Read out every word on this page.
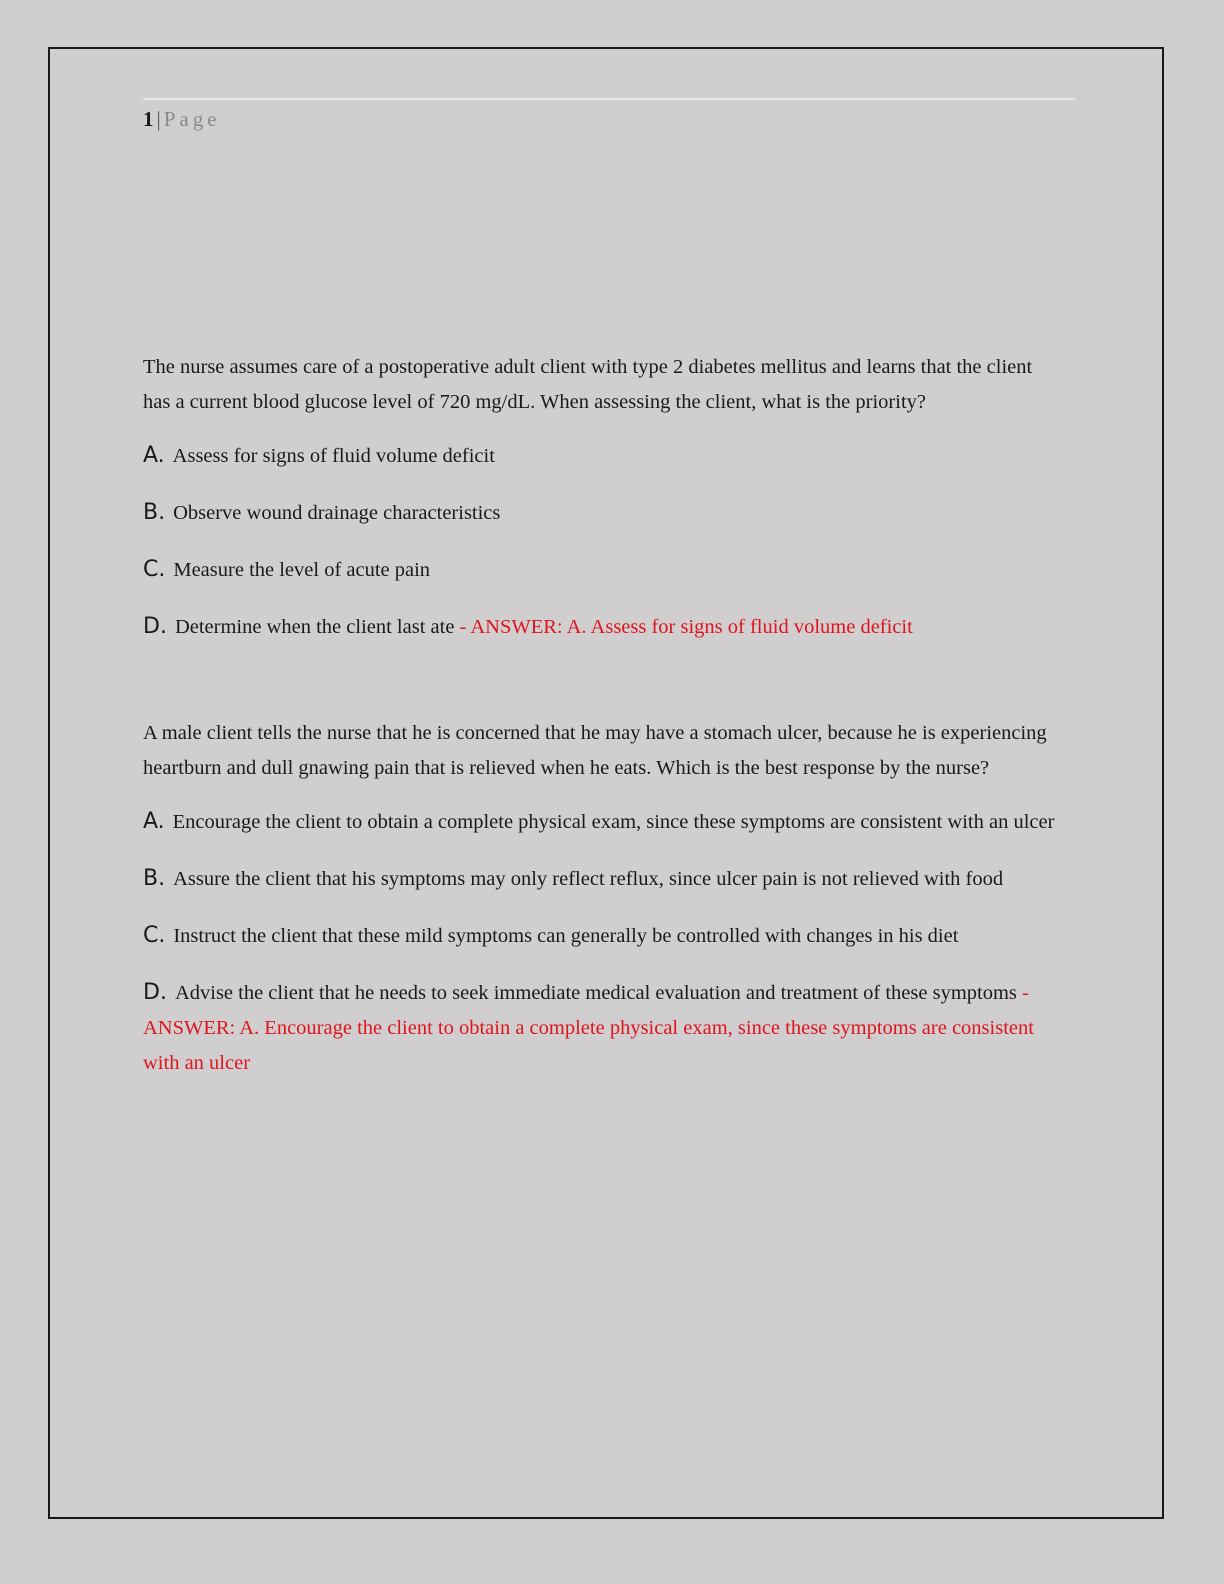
1 | Page

The nurse assumes care of a postoperative adult client with type 2 diabetes mellitus and learns that the client has a current blood glucose level of 720 mg/dL. When assessing the client, what is the priority?

A. Assess for signs of fluid volume deficit

B. Observe wound drainage characteristics

C. Measure the level of acute pain

D. Determine when the client last ate - ANSWER: A. Assess for signs of fluid volume deficit

A male client tells the nurse that he is concerned that he may have a stomach ulcer, because he is experiencing heartburn and dull gnawing pain that is relieved when he eats. Which is the best response by the nurse?

A. Encourage the client to obtain a complete physical exam, since these symptoms are consistent with an ulcer

B. Assure the client that his symptoms may only reflect reflux, since ulcer pain is not relieved with food

C. Instruct the client that these mild symptoms can generally be controlled with changes in his diet

D. Advise the client that he needs to seek immediate medical evaluation and treatment of these symptoms - ANSWER: A. Encourage the client to obtain a complete physical exam, since these symptoms are consistent with an ulcer
